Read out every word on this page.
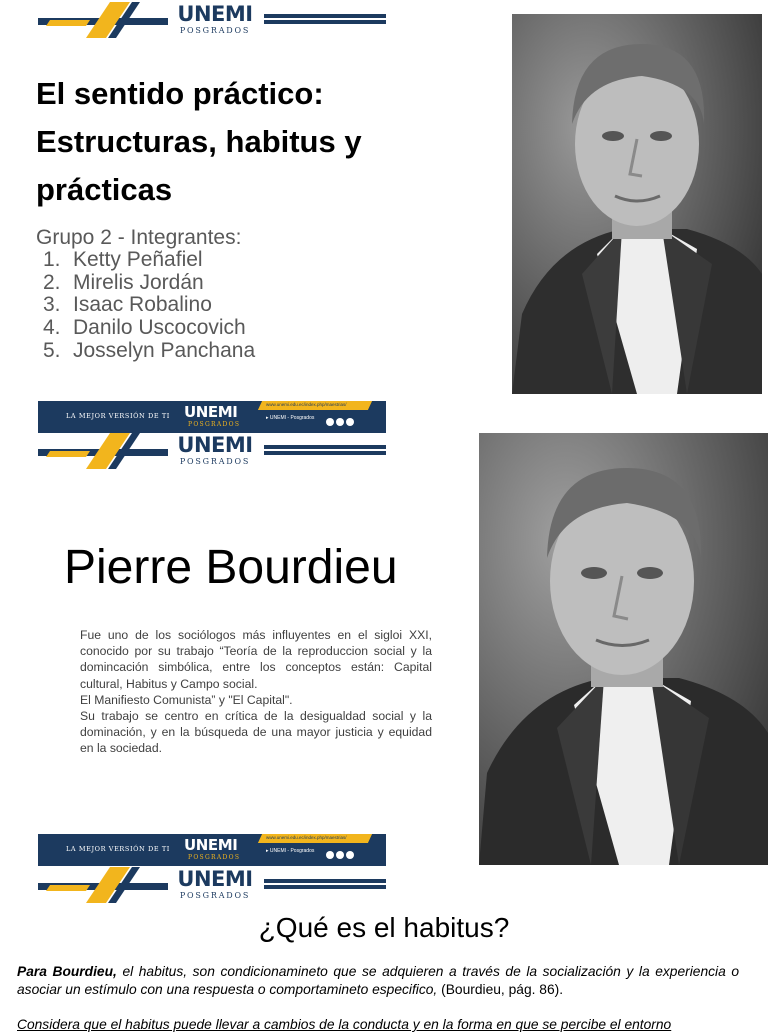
UNEMI
POSGRADOS
El sentido práctico: Estructuras, habitus y prácticas
Grupo 2 - Integrantes:
1. Ketty Peñafiel
2. Mirelis Jordán
3. Isaac Robalino
4. Danilo Uscocovich
5. Josselyn Panchana
LA MEJOR VERSIÓN DE TI UNEMI
POSGRADOS
www.unemi.edu.ec/index.php/maestrias/
▸ UNEMI - Posgrados
UNEMI
POSGRADOS
Pierre Bourdieu

Fue uno de los sociólogos más influyentes en el sigloi XXI, conocido por su trabajo “Teoría de la reproduccion social y la domincación simbólica, entre los conceptos están: Capital cultural, Habitus y Campo social.

El Manifiesto Comunista” y "El Capital".

Su trabajo se centro en crítica de la desigualdad social y la dominación, y en la búsqueda de una mayor justicia y equidad en la sociedad.

LA MEJOR VERSIÓN DE TI UNEMI
POSGRADOS
www.unemi.edu.ec/index.php/maestrias/
▸ UNEMI - Posgrados
UNEMI
POSGRADOS
¿Qué es el habitus?

Para Bourdieu, el habitus, son condicionamineto que se adquieren a través de la socialización y la experiencia o asociar un estímulo con una respuesta o comportamineto especifico, (Bourdieu, pág. 86).

Considera que el habitus puede llevar a cambios de la conducta y en la forma en que se percibe el entorno
